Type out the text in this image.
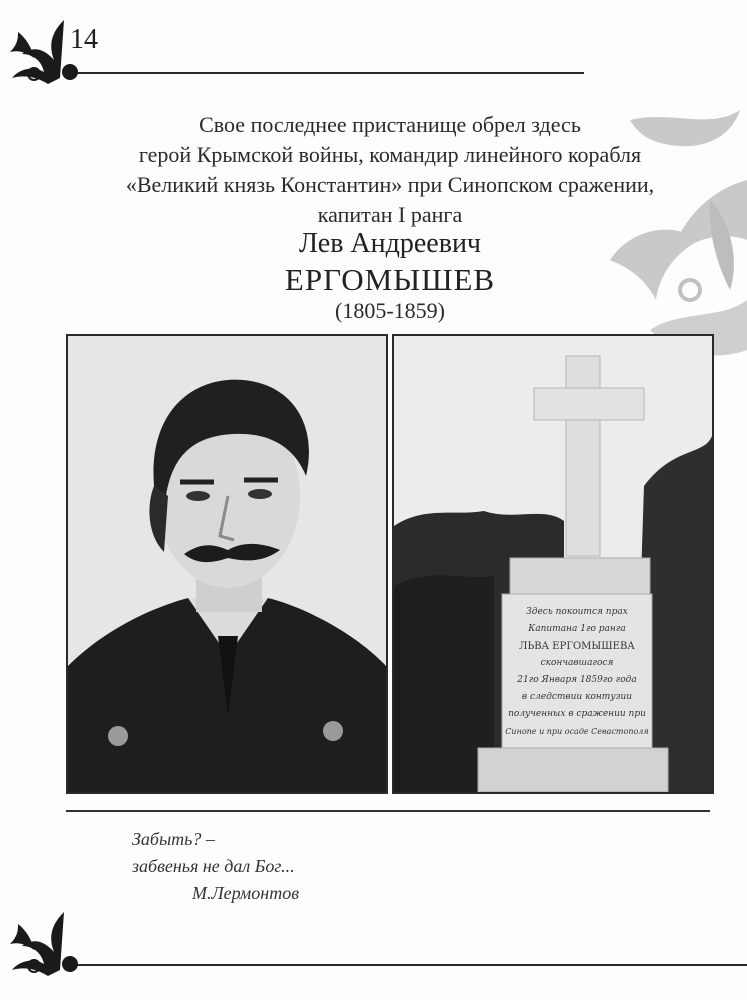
14
Свое последнее пристанище обрел здесь
герой Крымской войны, командир линейного корабля
«Великий князь Константин» при Синопском сражении,
капитан I ранга
Лев Андреевич
ЕРГОМЫШЕВ
(1805-1859)
Здесь покоится прах
Капитана 1го ранга
ЛЬВА ЕРГОМЫШЕВА
скончавшагося
21го Января 1859го года
в следствии контузии
полученных в сражении при
Синопе и при осаде Севастополя
Забыть? –
забвенья не дал Бог...
М.Лермонтов
